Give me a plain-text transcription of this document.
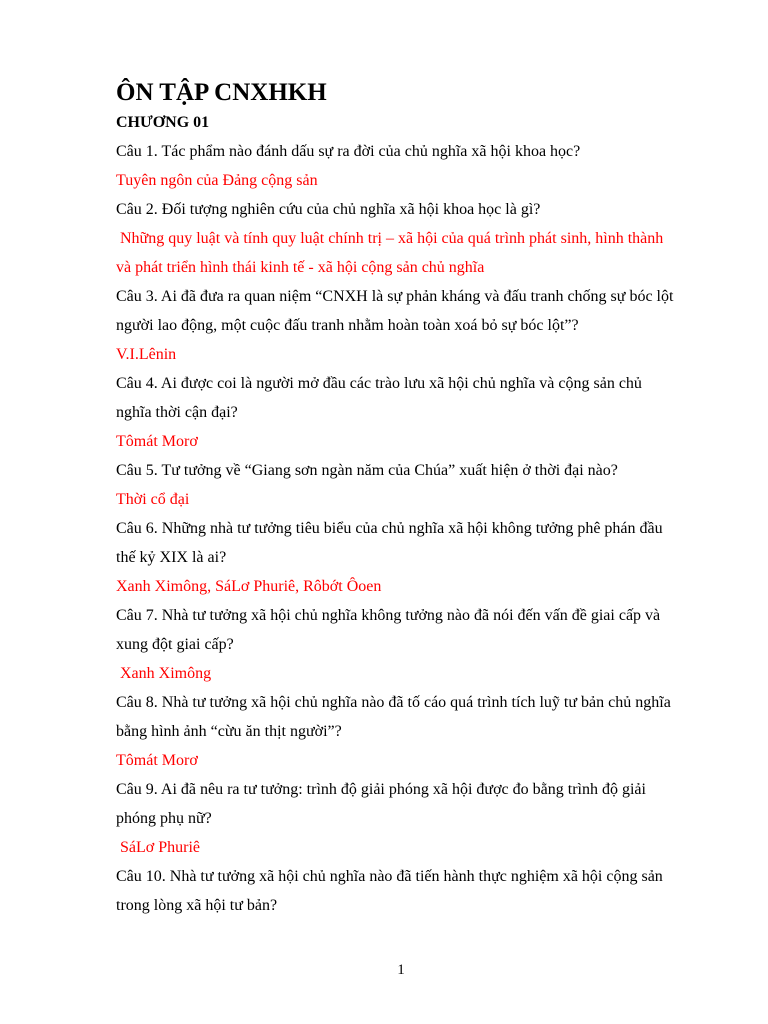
ÔN TẬP CNXHKH
CHƯƠNG 01

Câu 1. Tác phẩm nào đánh dấu sự ra đời của chủ nghĩa xã hội khoa học?

Tuyên ngôn của Đảng cộng sản

Câu 2. Đối tượng nghiên cứu của chủ nghĩa xã hội khoa học là gì?

Những quy luật và tính quy luật chính trị – xã hội của quá trình phát sinh, hình thành

và phát triển hình thái kinh tế - xã hội cộng sản chủ nghĩa

Câu 3. Ai đã đưa ra quan niệm “CNXH là sự phản kháng và đấu tranh chống sự bóc lột

người lao động, một cuộc đấu tranh nhằm hoàn toàn xoá bỏ sự bóc lột”?

V.I.Lênin

Câu 4. Ai được coi là người mở đầu các trào lưu xã hội chủ nghĩa và cộng sản chủ

nghĩa thời cận đại?

Tômát Morơ

Câu 5. Tư tưởng về “Giang sơn ngàn năm của Chúa” xuất hiện ở thời đại nào?

Thời cổ đại

Câu 6. Những nhà tư tưởng tiêu biểu của chủ nghĩa xã hội không tưởng phê phán đầu

thế kỷ XIX là ai?

Xanh Ximông, SáLơ Phuriê, Rôbớt Ôoen

Câu 7. Nhà tư tưởng xã hội chủ nghĩa không tưởng nào đã nói đến vấn đề giai cấp và

xung đột giai cấp?

Xanh Ximông

Câu 8. Nhà tư tưởng xã hội chủ nghĩa nào đã tố cáo quá trình tích luỹ tư bản chủ nghĩa

bằng hình ảnh “cừu ăn thịt người”?

Tômát Morơ

Câu 9. Ai đã nêu ra tư tưởng: trình độ giải phóng xã hội được đo bằng trình độ giải

phóng phụ nữ?

SáLơ Phuriê

Câu 10. Nhà tư tưởng xã hội chủ nghĩa nào đã tiến hành thực nghiệm xã hội cộng sản

trong lòng xã hội tư bản?

1
